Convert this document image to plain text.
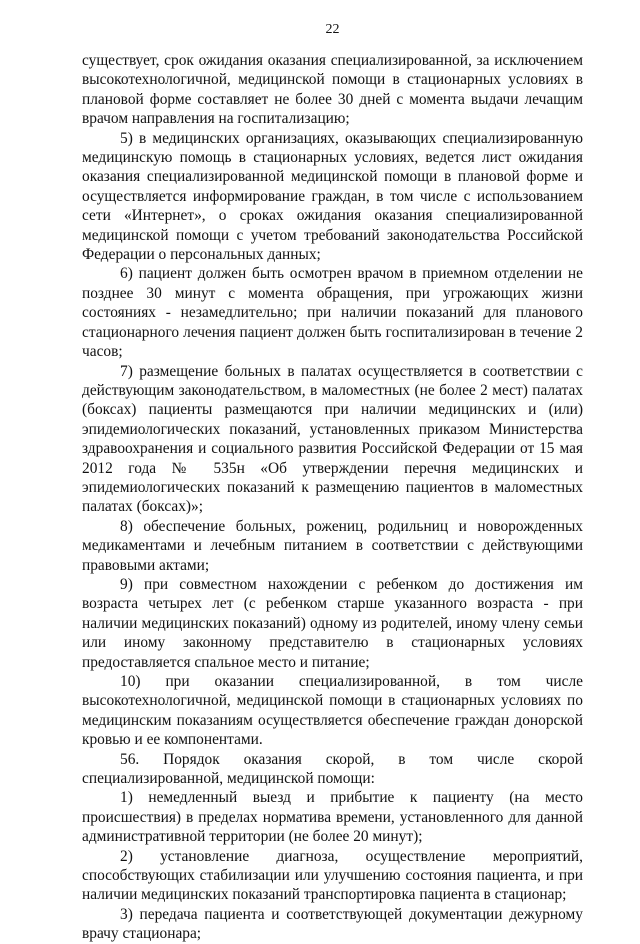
22

существует, срок ожидания оказания специализированной, за исключением высокотехнологичной, медицинской помощи в стационарных условиях в плановой форме составляет не более 30 дней с момента выдачи лечащим врачом направления на госпитализацию;

5) в медицинских организациях, оказывающих специализированную медицинскую помощь в стационарных условиях, ведется лист ожидания оказания специализированной медицинской помощи в плановой форме и осуществляется информирование граждан, в том числе с использованием сети «Интернет», о сроках ожидания оказания специализированной медицинской помощи с учетом требований законодательства Российской Федерации о персональных данных;

6) пациент должен быть осмотрен врачом в приемном отделении не позднее 30 минут с момента обращения, при угрожающих жизни состояниях - незамедлительно; при наличии показаний для планового стационарного лечения пациент должен быть госпитализирован в течение 2 часов;

7) размещение больных в палатах осуществляется в соответствии с действующим законодательством, в маломестных (не более 2 мест) палатах (боксах) пациенты размещаются при наличии медицинских и (или) эпидемиологических показаний, установленных приказом Министерства здравоохранения и социального развития Российской Федерации от 15 мая 2012 года № 535н «Об утверждении перечня медицинских и эпидемиологических показаний к размещению пациентов в маломестных палатах (боксах)»;

8) обеспечение больных, рожениц, родильниц и новорожденных медикаментами и лечебным питанием в соответствии с действующими правовыми актами;

9) при совместном нахождении с ребенком до достижения им возраста четырех лет (с ребенком старше указанного возраста - при наличии медицинских показаний) одному из родителей, иному члену семьи или иному законному представителю в стационарных условиях предоставляется спальное место и питание;

10) при оказании специализированной, в том числе высокотехнологичной, медицинской помощи в стационарных условиях по медицинским показаниям осуществляется обеспечение граждан донорской кровью и ее компонентами.

56. Порядок оказания скорой, в том числе скорой специализированной, медицинской помощи:

1) немедленный выезд и прибытие к пациенту (на место происшествия) в пределах норматива времени, установленного для данной административной территории (не более 20 минут);

2) установление диагноза, осуществление мероприятий, способствующих стабилизации или улучшению состояния пациента, и при наличии медицинских показаний транспортировка пациента в стационар;

3) передача пациента и соответствующей документации дежурному врачу стационара;
